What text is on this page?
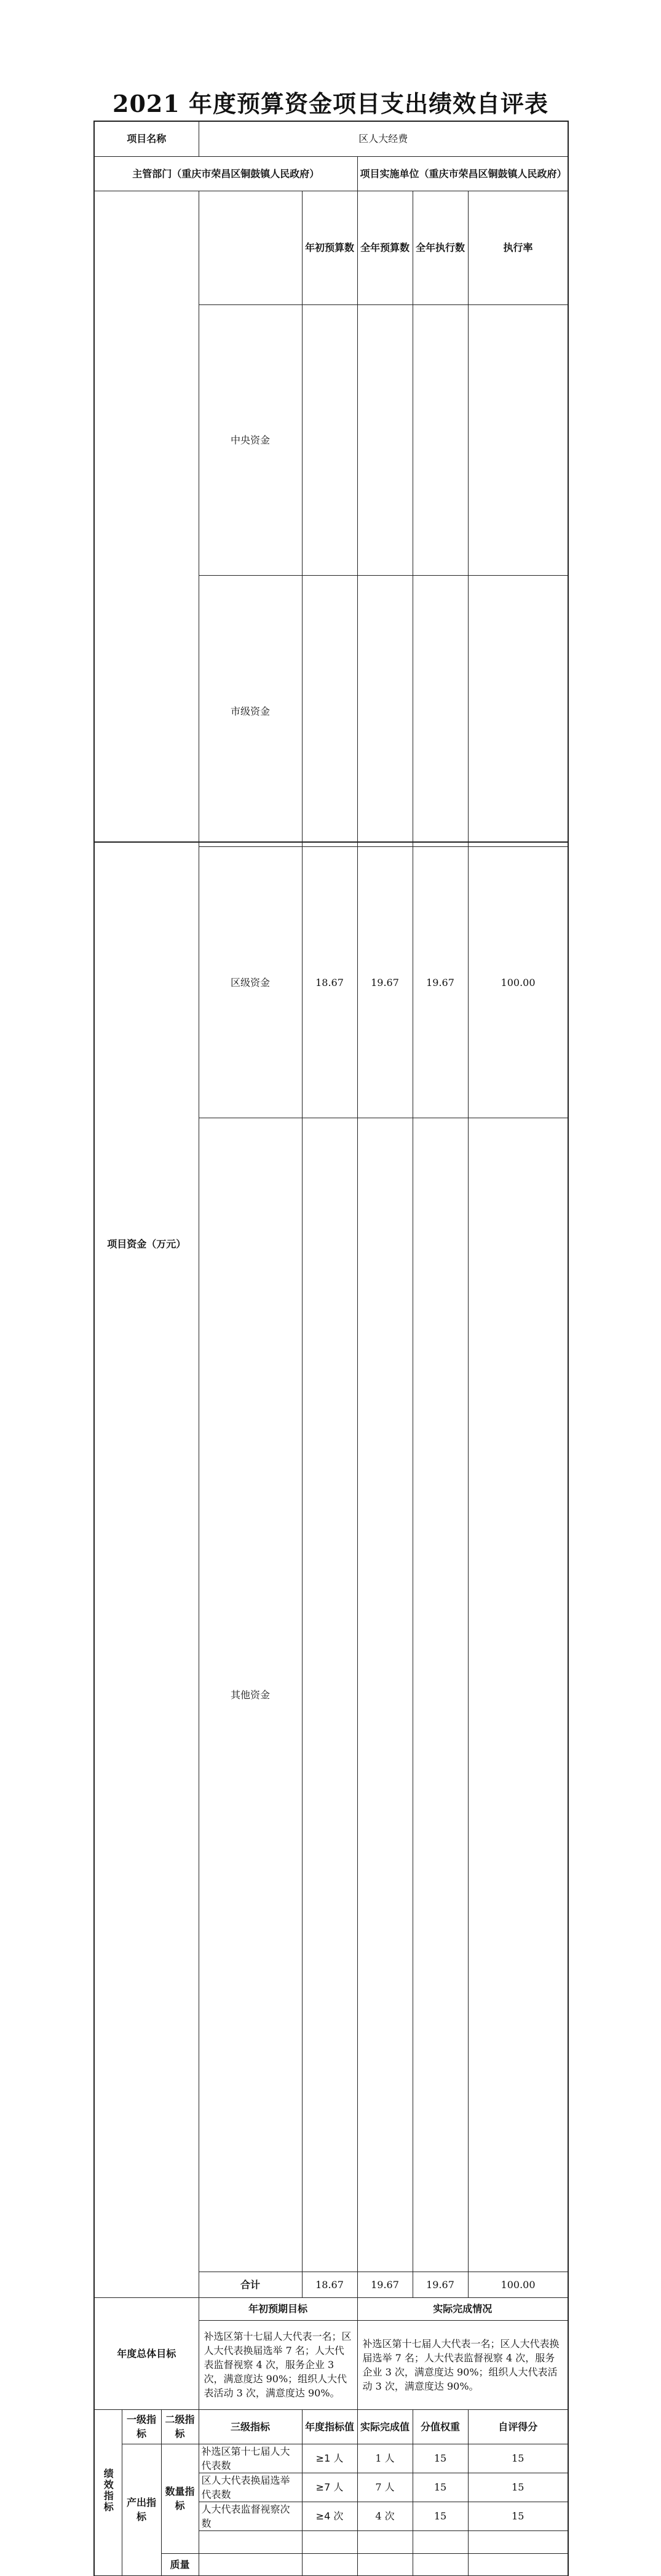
2021 年度预算资金项目支出绩效自评表
项目名称			区人大经费					
主管部门（重庆市荣昌区铜鼓镇人民政府）					项目实施单位（重庆市荣昌区铜鼓镇人民政府）			
项目资金（万元）				年初预算数	全年预算数	全年执行数	执行率	
			中央资金					
			市级资金					
			区级资金	18.67	19.67	19.67	100.00	
			其他资金					
			合计	18.67	19.67	19.67	100.00	
年度总体目标			年初预期目标		实际完成情况			
			补选区第十七届人大代表一名；区人大代表换届选举 7 名；人大代表监督视察 4 次，服务企业 3 次，满意度达 90%；组织人大代表活动 3 次，满意度达 90%。		补选区第十七届人大代表一名；区人大代表换届选举 7 名；人大代表监督视察 4 次，服务企业 3 次，满意度达 90%；组织人大代表活动 3 次，满意度达 90%。			
绩效指标	一级指标	二级指标	三级指标	年度指标值	实际完成值	分值权重	自评得分	
	产出指标	数量指标	补选区第十七届人大代表数	≥1 人	1 人	15	15	
			区人大代表换届选举代表数	≥7 人	7 人	15	15	
			人大代表监督视察次数	≥4 次	4 次	15	15	

		质量						
